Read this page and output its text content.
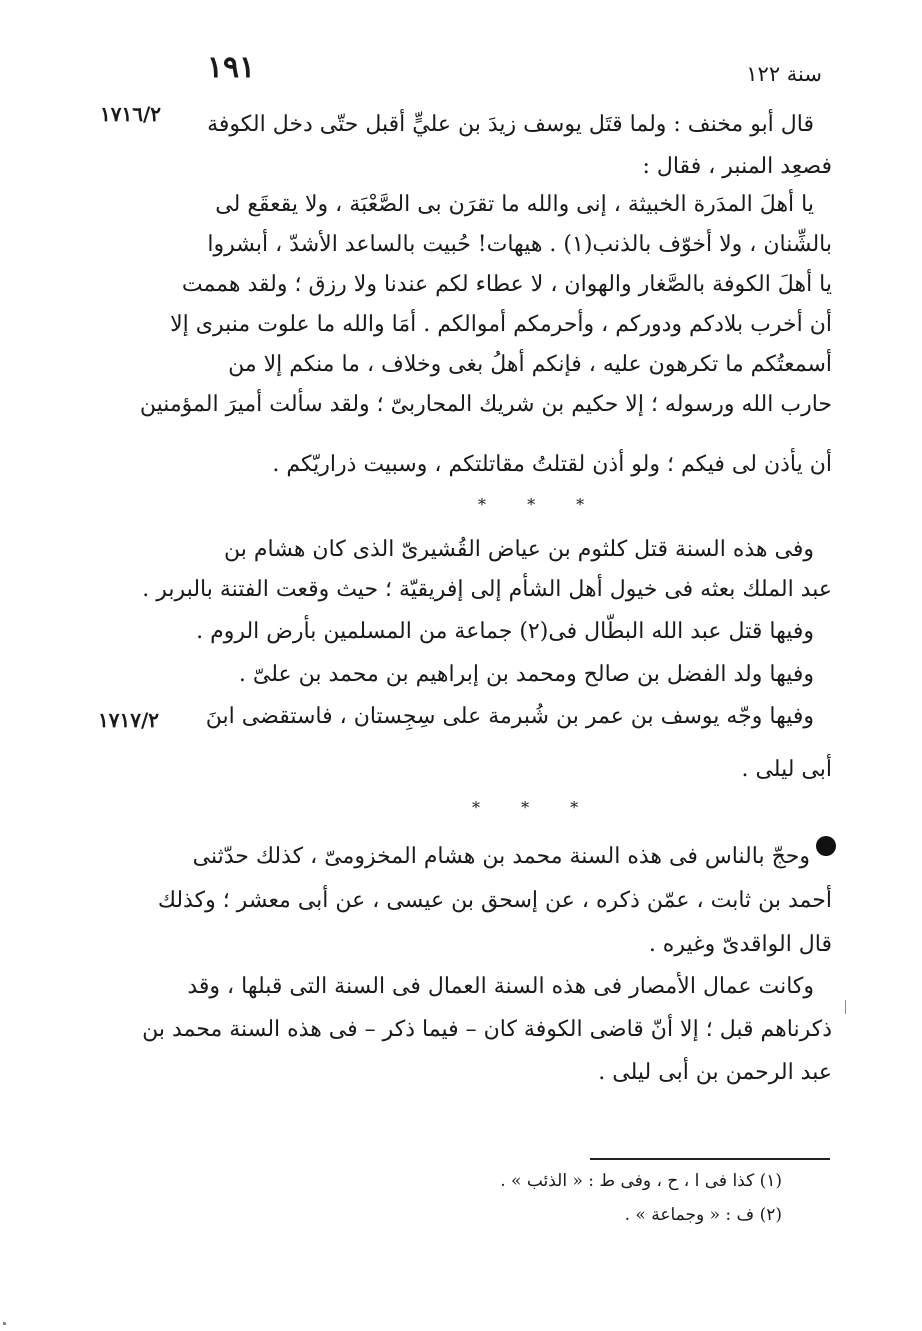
١٩١	سنة ١٢٢
١٧١٦/٢
١٧١٧/٢
قال أبو مخنف : ولما قتَل يوسف زيدَ بن عليٍّ أقبل حتّى دخل الكوفة
فصعِد المنبر ، فقال :
يا أهلَ المدَرة الخبيثة ، إنى والله ما تقرَن بى الصَّعْبَة ، ولا يقعقَع لى
بالشِّنان ، ولا أخوّف بالذنب(١) . هيهات! حُبيت بالساعد الأشدّ ، أبشروا
يا أهلَ الكوفة بالصَّغار والهوان ، لا عطاء لكم عندنا ولا رزق ؛ ولقد هممت
أن أخرب بلادكم ودوركم ، وأحرمكم أموالكم . أمَا والله ما علوت منبرى إلا
أسمعتُكم ما تكرهون عليه ، فإنكم أهلُ بغى وخلاف ، ما منكم إلا من
حارب الله ورسوله ؛ إلا حكيم بن شريك المحاربىّ ؛ ولقد سألت أميرَ المؤمنين
أن يأذن لى فيكم ؛ ولو أذن لقتلتُ مقاتلتكم ، وسبيت ذراريّكم .
* * *
وفى هذه السنة قتل كلثوم بن عياض القُشيرىّ الذى كان هشام بن
عبد الملك بعثه فى خيول أهل الشأم إلى إفريقيّة ؛ حيث وقعت الفتنة بالبربر .
وفيها قتل عبد الله البطّال فى(٢) جماعة من المسلمين بأرض الروم .
وفيها ولد الفضل بن صالح ومحمد بن إبراهيم بن محمد بن علىّ .
وفيها وجّه يوسف بن عمر بن شُبرمة على سِجِستان ، فاستقضى ابنَ
أبى ليلى .
* * *
وحجّ بالناس فى هذه السنة محمد بن هشام المخزومىّ ، كذلك حدّثنى
أحمد بن ثابت ، عمّن ذكره ، عن إسحق بن عيسى ، عن أبى معشر ؛ وكذلك
قال الواقدىّ وغيره .
وكانت عمال الأمصار فى هذه السنة العمال فى السنة التى قبلها ، وقد
ذكرناهم قبل ؛ إلا أنّ قاضى الكوفة كان – فيما ذكر – فى هذه السنة محمد بن
عبد الرحمن بن أبى ليلى .
(١) كذا فى ا ، ح ، وفى ط : « الذئب » .
(٢) ف : « وجماعة » .
